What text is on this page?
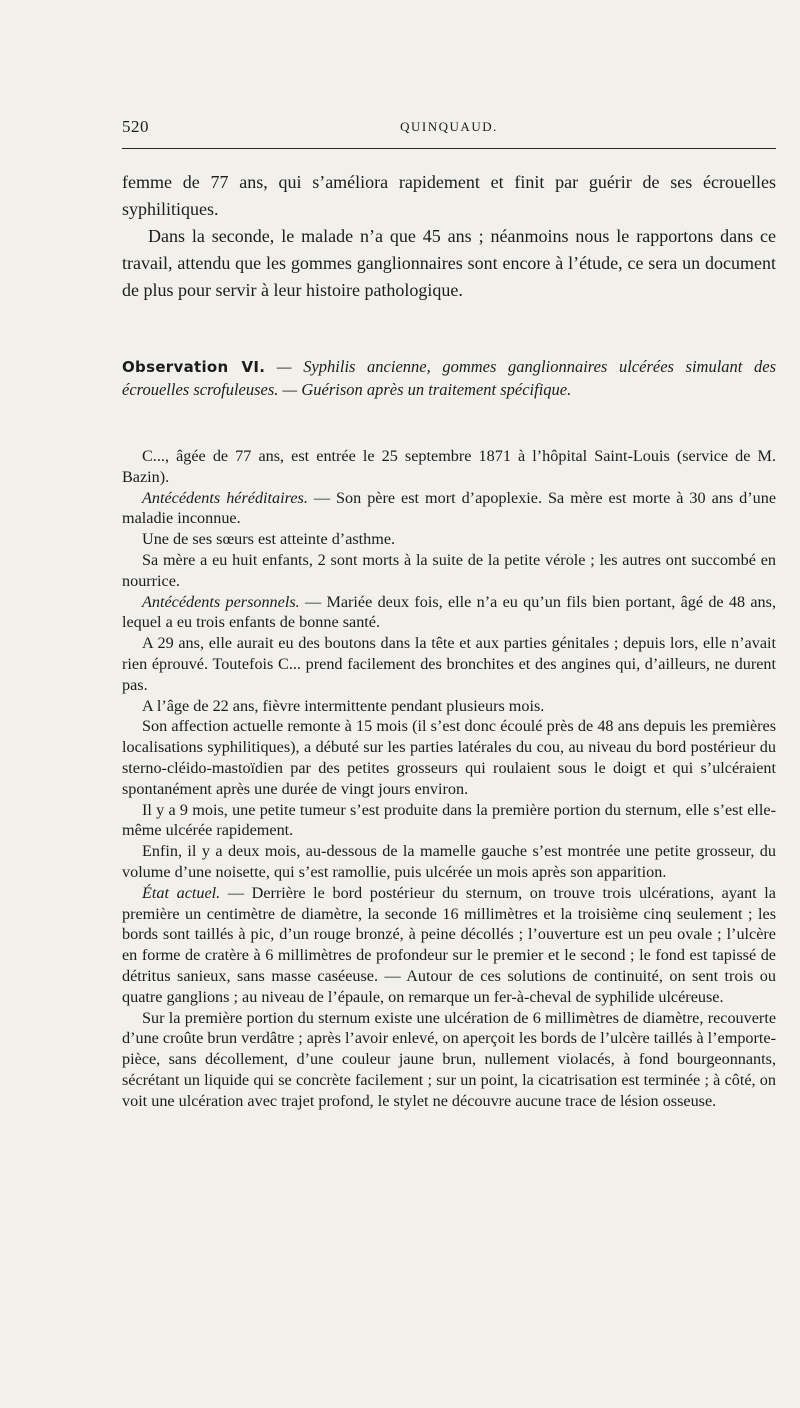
520	QUINQUAUD.

femme de 77 ans, qui s’améliora rapidement et finit par guérir de ses écrouelles syphilitiques.

Dans la seconde, le malade n’a que 45 ans ; néanmoins nous le rapportons dans ce travail, attendu que les gommes ganglionnaires sont encore à l’étude, ce sera un document de plus pour servir à leur histoire pathologique.

Observation VI. — Syphilis ancienne, gommes ganglionnaires ulcérées simulant des écrouelles scrofuleuses. — Guérison après un traitement spécifique.

C..., âgée de 77 ans, est entrée le 25 septembre 1871 à l’hôpital Saint-Louis (service de M. Bazin).

Antécédents héréditaires. — Son père est mort d’apoplexie. Sa mère est morte à 30 ans d’une maladie inconnue.

Une de ses sœurs est atteinte d’asthme.

Sa mère a eu huit enfants, 2 sont morts à la suite de la petite vérole ; les autres ont succombé en nourrice.

Antécédents personnels. — Mariée deux fois, elle n’a eu qu’un fils bien portant, âgé de 48 ans, lequel a eu trois enfants de bonne santé.

A 29 ans, elle aurait eu des boutons dans la tête et aux parties génitales ; depuis lors, elle n’avait rien éprouvé. Toutefois C... prend facilement des bronchites et des angines qui, d’ailleurs, ne durent pas.

A l’âge de 22 ans, fièvre intermittente pendant plusieurs mois.

Son affection actuelle remonte à 15 mois (il s’est donc écoulé près de 48 ans depuis les premières localisations syphilitiques), a débuté sur les parties latérales du cou, au niveau du bord postérieur du sterno-cléido-mastoïdien par des petites grosseurs qui roulaient sous le doigt et qui s’ulcéraient spontanément après une durée de vingt jours environ.

Il y a 9 mois, une petite tumeur s’est produite dans la première portion du sternum, elle s’est elle-même ulcérée rapidement.

Enfin, il y a deux mois, au-dessous de la mamelle gauche s’est montrée une petite grosseur, du volume d’une noisette, qui s’est ramollie, puis ulcérée un mois après son apparition.

État actuel. — Derrière le bord postérieur du sternum, on trouve trois ulcérations, ayant la première un centimètre de diamètre, la seconde 16 millimètres et la troisième cinq seulement ; les bords sont taillés à pic, d’un rouge bronzé, à peine décollés ; l’ouverture est un peu ovale ; l’ulcère en forme de cratère à 6 millimètres de profondeur sur le premier et le second ; le fond est tapissé de détritus sanieux, sans masse caséeuse. — Autour de ces solutions de continuité, on sent trois ou quatre ganglions ; au niveau de l’épaule, on remarque un fer-à-cheval de syphilide ulcéreuse.

Sur la première portion du sternum existe une ulcération de 6 millimètres de diamètre, recouverte d’une croûte brun verdâtre ; après l’avoir enlevé, on aperçoit les bords de l’ulcère taillés à l’emporte-pièce, sans décollement, d’une couleur jaune brun, nullement violacés, à fond bourgeonnants, sécrétant un liquide qui se concrète facilement ; sur un point, la cicatrisation est terminée ; à côté, on voit une ulcération avec trajet profond, le stylet ne découvre aucune trace de lésion osseuse.
